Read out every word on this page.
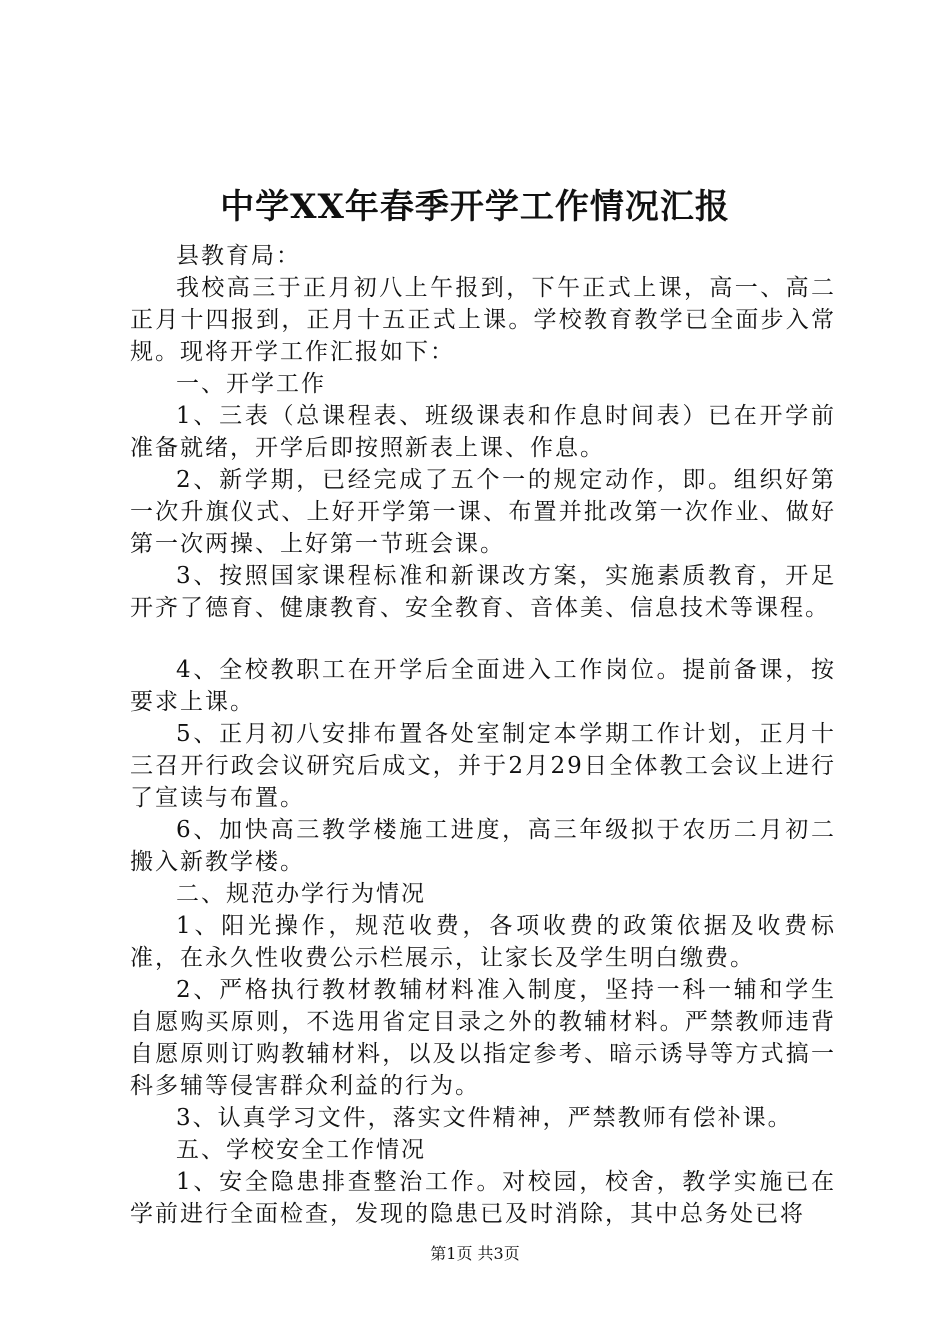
中学XX年春季开学工作情况汇报

县教育局：

我校高三于正月初八上午报到，下午正式上课，高一、高二正月十四报到，正月十五正式上课。学校教育教学已全面步入常规。现将开学工作汇报如下：

一、开学工作

1、三表（总课程表、班级课表和作息时间表）已在开学前准备就绪，开学后即按照新表上课、作息。

2、新学期，已经完成了五个一的规定动作，即。组织好第一次升旗仪式、上好开学第一课、布置并批改第一次作业、做好第一次两操、上好第一节班会课。

3、按照国家课程标准和新课改方案，实施素质教育，开足开齐了德育、健康教育、安全教育、音体美、信息技术等课程。

4、全校教职工在开学后全面进入工作岗位。提前备课，按要求上课。

5、正月初八安排布置各处室制定本学期工作计划，正月十三召开行政会议研究后成文，并于2月29日全体教工会议上进行了宣读与布置。

6、加快高三教学楼施工进度，高三年级拟于农历二月初二搬入新教学楼。

二、规范办学行为情况

1、阳光操作，规范收费，各项收费的政策依据及收费标准，在永久性收费公示栏展示，让家长及学生明白缴费。

2、严格执行教材教辅材料准入制度，坚持一科一辅和学生自愿购买原则，不选用省定目录之外的教辅材料。严禁教师违背自愿原则订购教辅材料，以及以指定参考、暗示诱导等方式搞一科多辅等侵害群众利益的行为。

3、认真学习文件，落实文件精神，严禁教师有偿补课。

五、学校安全工作情况

1、安全隐患排查整治工作。对校园，校舍，教学实施已在学前进行全面检查，发现的隐患已及时消除，其中总务处已将

第1页 共3页
